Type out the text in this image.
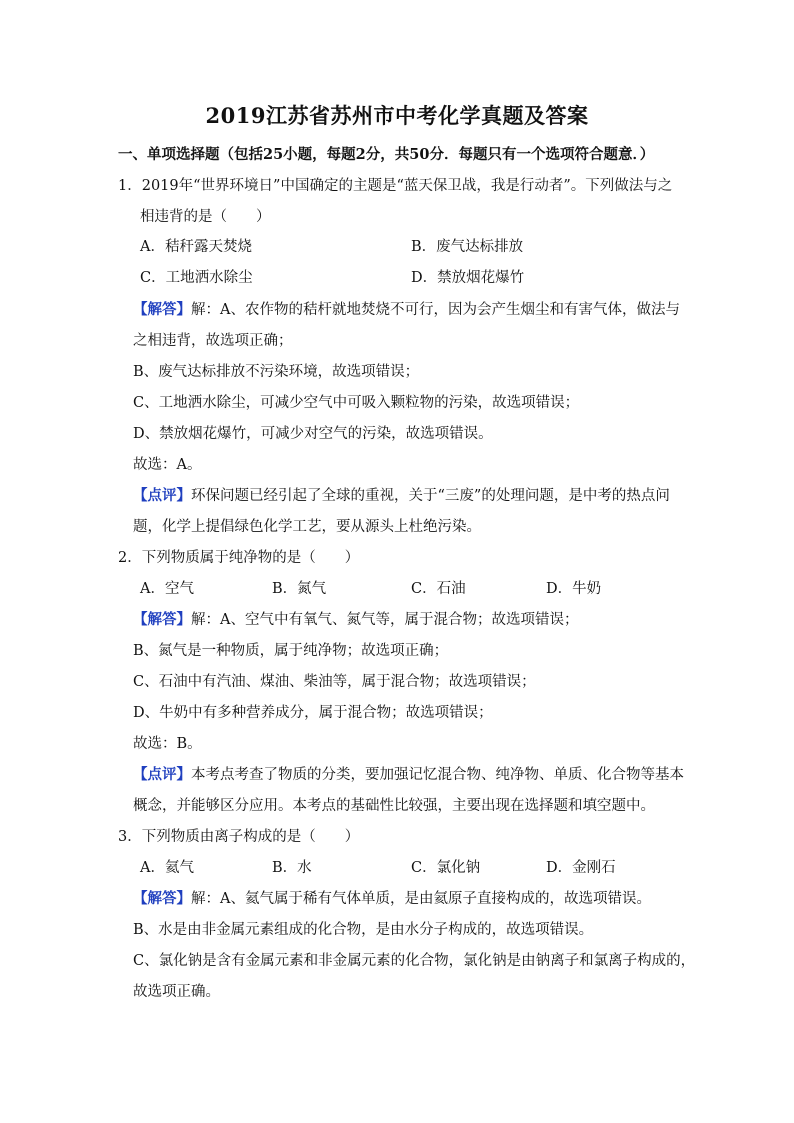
2019江苏省苏州市中考化学真题及答案
一、单项选择题（包括25小题，每题2分，共50分．每题只有一个选项符合题意．）
1．2019年“世界环境日”中国确定的主题是“蓝天保卫战，我是行动者”。下列做法与之
相违背的是（　　）
A．秸秆露天焚烧	B．废气达标排放
C．工地洒水除尘	D．禁放烟花爆竹
【解答】解：A、农作物的秸杆就地焚烧不可行，因为会产生烟尘和有害气体，做法与
之相违背，故选项正确；
B、废气达标排放不污染环境，故选项错误；
C、工地洒水除尘，可减少空气中可吸入颗粒物的污染，故选项错误；
D、禁放烟花爆竹，可减少对空气的污染，故选项错误。
故选：A。
【点评】环保问题已经引起了全球的重视，关于“三废”的处理问题，是中考的热点问
题，化学上提倡绿色化学工艺，要从源头上杜绝污染。
2．下列物质属于纯净物的是（　　）
A．空气	B．氮气	C．石油	D．牛奶
【解答】解：A、空气中有氧气、氮气等，属于混合物；故选项错误；
B、氮气是一种物质，属于纯净物；故选项正确；
C、石油中有汽油、煤油、柴油等，属于混合物；故选项错误；
D、牛奶中有多种营养成分，属于混合物；故选项错误；
故选：B。
【点评】本考点考查了物质的分类，要加强记忆混合物、纯净物、单质、化合物等基本
概念，并能够区分应用。本考点的基础性比较强，主要出现在选择题和填空题中。
3．下列物质由离子构成的是（　　）
A．氦气	B．水	C．氯化钠	D．金刚石
【解答】解：A、氦气属于稀有气体单质，是由氦原子直接构成的，故选项错误。
B、水是由非金属元素组成的化合物，是由水分子构成的，故选项错误。
C、氯化钠是含有金属元素和非金属元素的化合物，氯化钠是由钠离子和氯离子构成的，
故选项正确。
